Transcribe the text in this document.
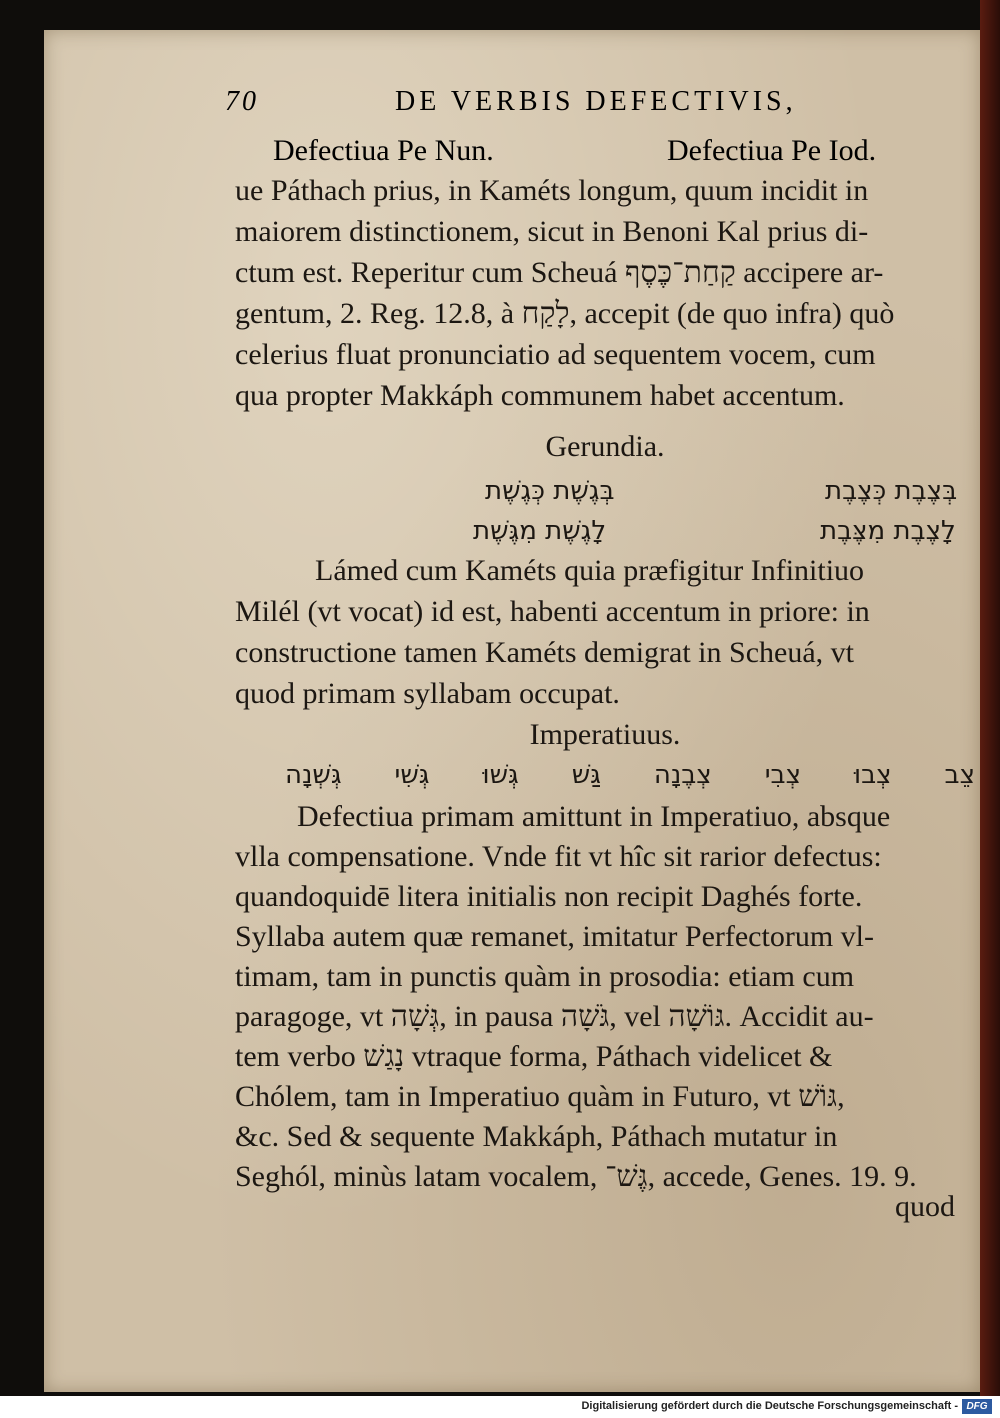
70	DE VERBIS DEFECTIVIS,
Defectiua Pe Nun.	Defectiua Pe Iod.
ue Páthach prius, in Kaméts longum, quum incidit in
maiorem distinctionem, sicut in Benoni Kal prius di-
ctum est. Reperitur cum Scheuá קַחַת־כֶּסֶף accipere ar-
gentum, 2. Reg. 12.8, à לָקַח, accepit (de quo infra) quò
celerius fluat pronunciatio ad sequentem vocem, cum
qua propter Makkáph communem habet accentum.
Gerundia.
בְּגֶשֶׁת כְּגֶשֶׁת	בְּצֶבֶת כְּצֶבֶת
לָגֶשֶׁת מִגֶּשֶׁת	לָצֶבֶת מִצֶּבֶת
Lámed cum Kaméts quia præfigitur Infinitiuo
Milél (vt vocat) id est, habenti accentum in priore: in
constructione tamen Kaméts demigrat in Scheuá, vt
quod primam syllabam occupat.
Imperatiuus.
צֵב צְבוּ צְבִי צְבֶנָה גַּשׁ גְּשׁוּ גְּשִׁי גְּשְׁנָה
Defectiua primam amittunt in Imperatiuo, absque
vlla compensatione. Vnde fit vt hîc sit rarior defectus:
quandoquidē litera initialis non recipit Daghés forte.
Syllaba autem quæ remanet, imitatur Perfectorum vl-
timam, tam in punctis quàm in prosodia: etiam cum
paragoge, vt גְּשָׁה, in pausa גֹּשָׁה, vel גּוֹשָׁה. Accidit au-
tem verbo נָגַשׁ vtraque forma, Páthach videlicet &
Chólem, tam in Imperatiuo quàm in Futuro, vt גּוֹשׁ,
&c. Sed & sequente Makkáph, Páthach mutatur in
Seghól, minùs latam vocalem, גֶּשׁ־, accede, Genes. 19. 9.
quod
Digitalisierung gefördert durch die Deutsche Forschungsgemeinschaft - DFG
